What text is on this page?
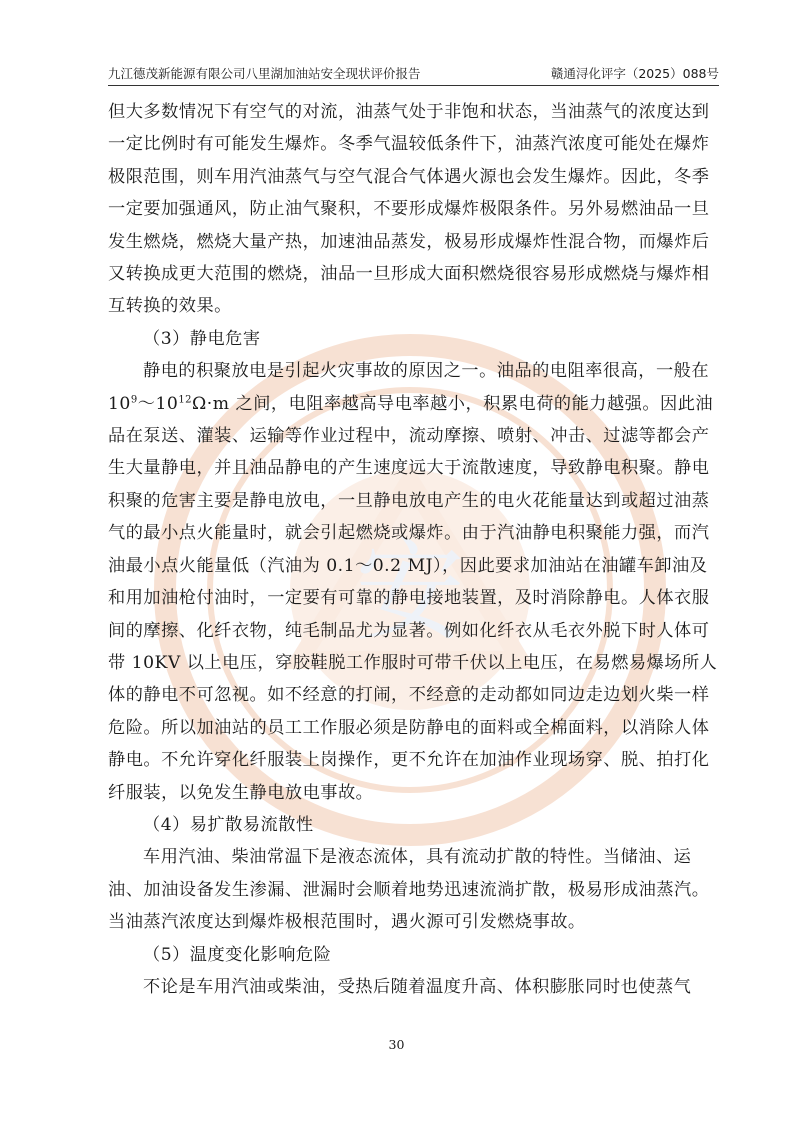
九江德茂新能源有限公司八里湖加油站安全现状评价报告	赣通浔化评字（2025）088号
安

但大多数情况下有空气的对流，油蒸气处于非饱和状态，当油蒸气的浓度达到一定比例时有可能发生爆炸。冬季气温较低条件下，油蒸汽浓度可能处在爆炸极限范围，则车用汽油蒸气与空气混合气体遇火源也会发生爆炸。因此，冬季一定要加强通风，防止油气聚积，不要形成爆炸极限条件。另外易燃油品一旦发生燃烧，燃烧大量产热，加速油品蒸发，极易形成爆炸性混合物，而爆炸后又转换成更大范围的燃烧，油品一旦形成大面积燃烧很容易形成燃烧与爆炸相互转换的效果。

（3）静电危害

静电的积聚放电是引起火灾事故的原因之一。油品的电阻率很高，一般在 $10^9\sim 10^{12}\Omega\cdot m$ 之间，电阻率越高导电率越小，积累电荷的能力越强。因此油品在泵送、灌装、运输等作业过程中，流动摩擦、喷射、冲击、过滤等都会产生大量静电，并且油品静电的产生速度远大于流散速度，导致静电积聚。静电积聚的危害主要是静电放电，一旦静电放电产生的电火花能量达到或超过油蒸气的最小点火能量时，就会引起燃烧或爆炸。由于汽油静电积聚能力强，而汽油最小点火能量低（汽油为 0.1～0.2 MJ），因此要求加油站在油罐车卸油及和用加油枪付油时，一定要有可靠的静电接地装置，及时消除静电。人体衣服间的摩擦、化纤衣物，纯毛制品尤为显著。例如化纤衣从毛衣外脱下时人体可带 10KV 以上电压，穿胶鞋脱工作服时可带千伏以上电压，在易燃易爆场所人体的静电不可忽视。如不经意的打闹，不经意的走动都如同边走边划火柴一样危险。所以加油站的员工工作服必须是防静电的面料或全棉面料，以消除人体静电。不允许穿化纤服装上岗操作，更不允许在加油作业现场穿、脱、拍打化纤服装，以免发生静电放电事故。

（4）易扩散易流散性

车用汽油、柴油常温下是液态流体，具有流动扩散的特性。当储油、运油、加油设备发生渗漏、泄漏时会顺着地势迅速流淌扩散，极易形成油蒸汽。当油蒸汽浓度达到爆炸极根范围时，遇火源可引发燃烧事故。

（5）温度变化影响危险

不论是车用汽油或柴油，受热后随着温度升高、体积膨胀同时也使蒸气

30
